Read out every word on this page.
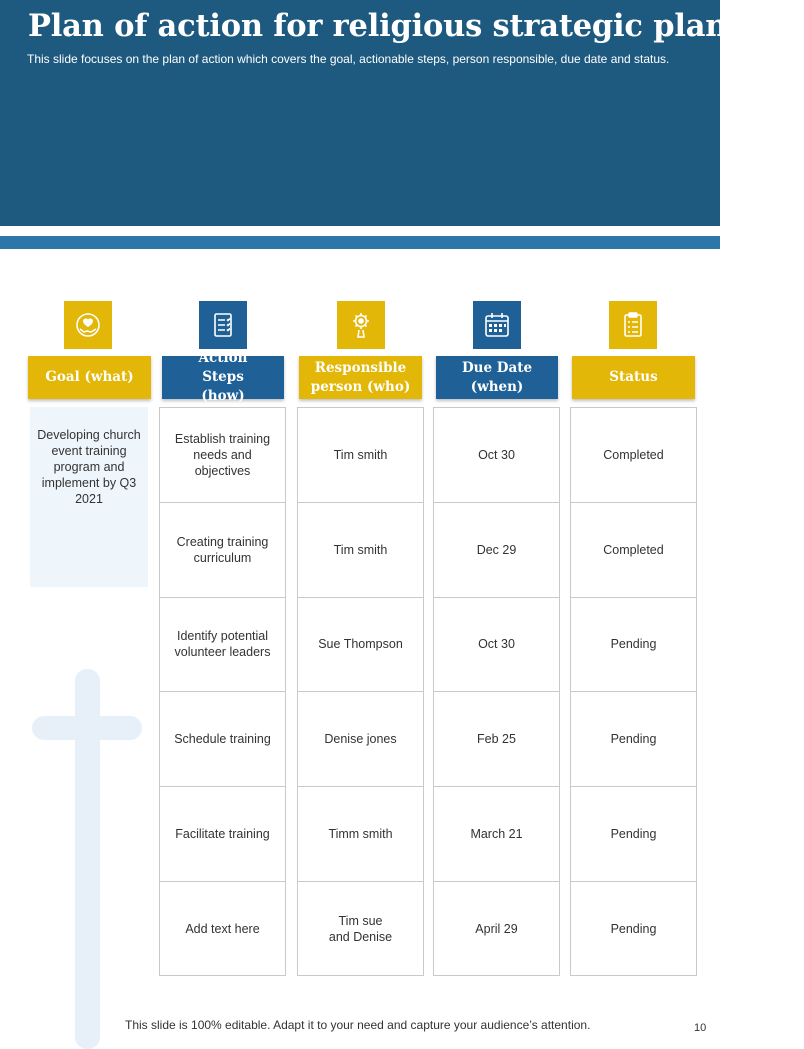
Plan of action for religious strategic planning

This slide focuses on the plan of action which covers the goal, actionable steps, person responsible, due date and status.

Goal (what)
Action Steps (how)
Responsible person (who)
Due Date (when)
Status
Developing church event training program and implement by Q3 2021
Establish training needs and objectives
Creating training curriculum
Identify potential volunteer leaders
Schedule training
Facilitate training
Add text here
Tim smith
Tim smith
Sue Thompson
Denise jones
Timm smith
Tim sue and Denise
Oct 30
Dec 29
Oct 30
Feb 25
March 21
April 29
Completed
Completed
Pending
Pending
Pending
Pending
This slide is 100% editable. Adapt it to your need and capture your audience’s attention.	10
